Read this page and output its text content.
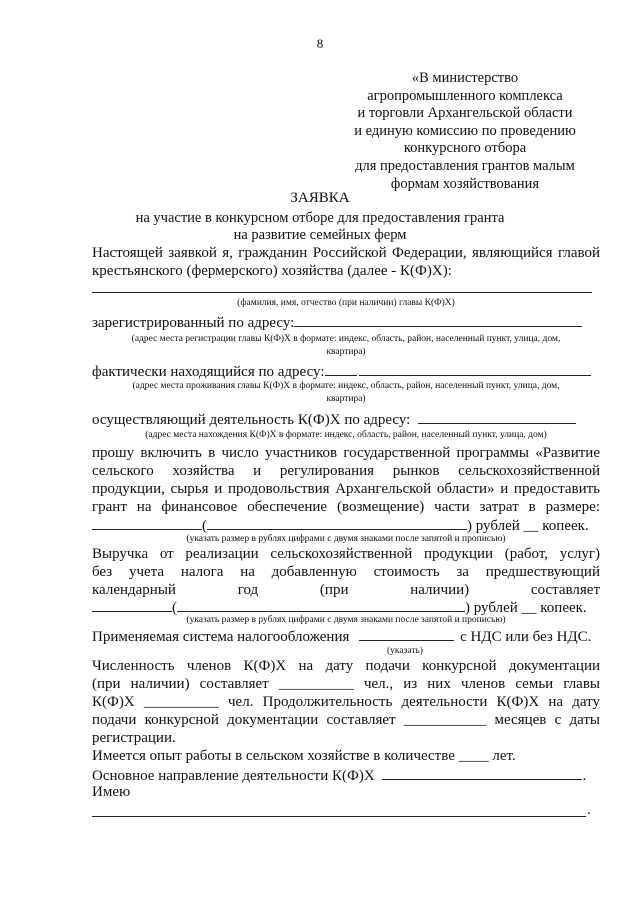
8
«В министерство
агропромышленного комплекса
и торговли Архангельской области
и единую комиссию по проведению
конкурсного отбора
для предоставления грантов малым
формам хозяйствования
ЗАЯВКА
на участие в конкурсном отборе для предоставления гранта
на развитие семейных ферм
Настоящей заявкой я, гражданин Российской Федерации, являющийся главой
крестьянского (фермерского) хозяйства (далее - К(Ф)Х):
(фамилия, имя, отчество (при наличии) главы К(Ф)Х)
зарегистрированный по адресу:
(адрес места регистрации главы К(Ф)Х в формате: индекс, область, район, населенный пункт, улица, дом,
квартира)
фактически находящийся по адресу:
(адрес места проживания главы К(Ф)Х в формате: индекс, область, район, населенный пункт, улица, дом,
квартира)
осуществляющий деятельность К(Ф)Х по адресу:
(адрес места нахождения К(Ф)Х в формате: индекс, область, район, населенный пункт, улица, дом)
прошу включить в число участников государственной программы «Развитие
сельского хозяйства и регулирования рынков сельскохозяйственной
продукции, сырья и продовольствия Архангельской области» и предоставить
грант на финансовое обеспечение (возмещение) части затрат в размере:
(	) рублей __ копеек.
(указать размер в рублях цифрами с двумя знаками после запятой и прописью)
Выручка от реализации сельскохозяйственной продукции (работ, услуг)
без учета налога на добавленную стоимость за предшествующий
календарный год (при наличии) составляет
(	) рублей __ копеек.
(указать размер в рублях цифрами с двумя знаками после запятой и прописью)
Применяемая система налогообложения	с НДС или без НДС.
(указать)
Численность членов К(Ф)Х на дату подачи конкурсной документации
(при наличии) составляет __________ чел., из них членов семьи главы
К(Ф)Х __________ чел. Продолжительность деятельности К(Ф)Х на дату
подачи конкурсной документации составляет ___________ месяцев с даты
регистрации.
Имеется опыт работы в сельском хозяйстве в количестве ____ лет.
Основное направление деятельности К(Ф)Х	.
Имею
.
